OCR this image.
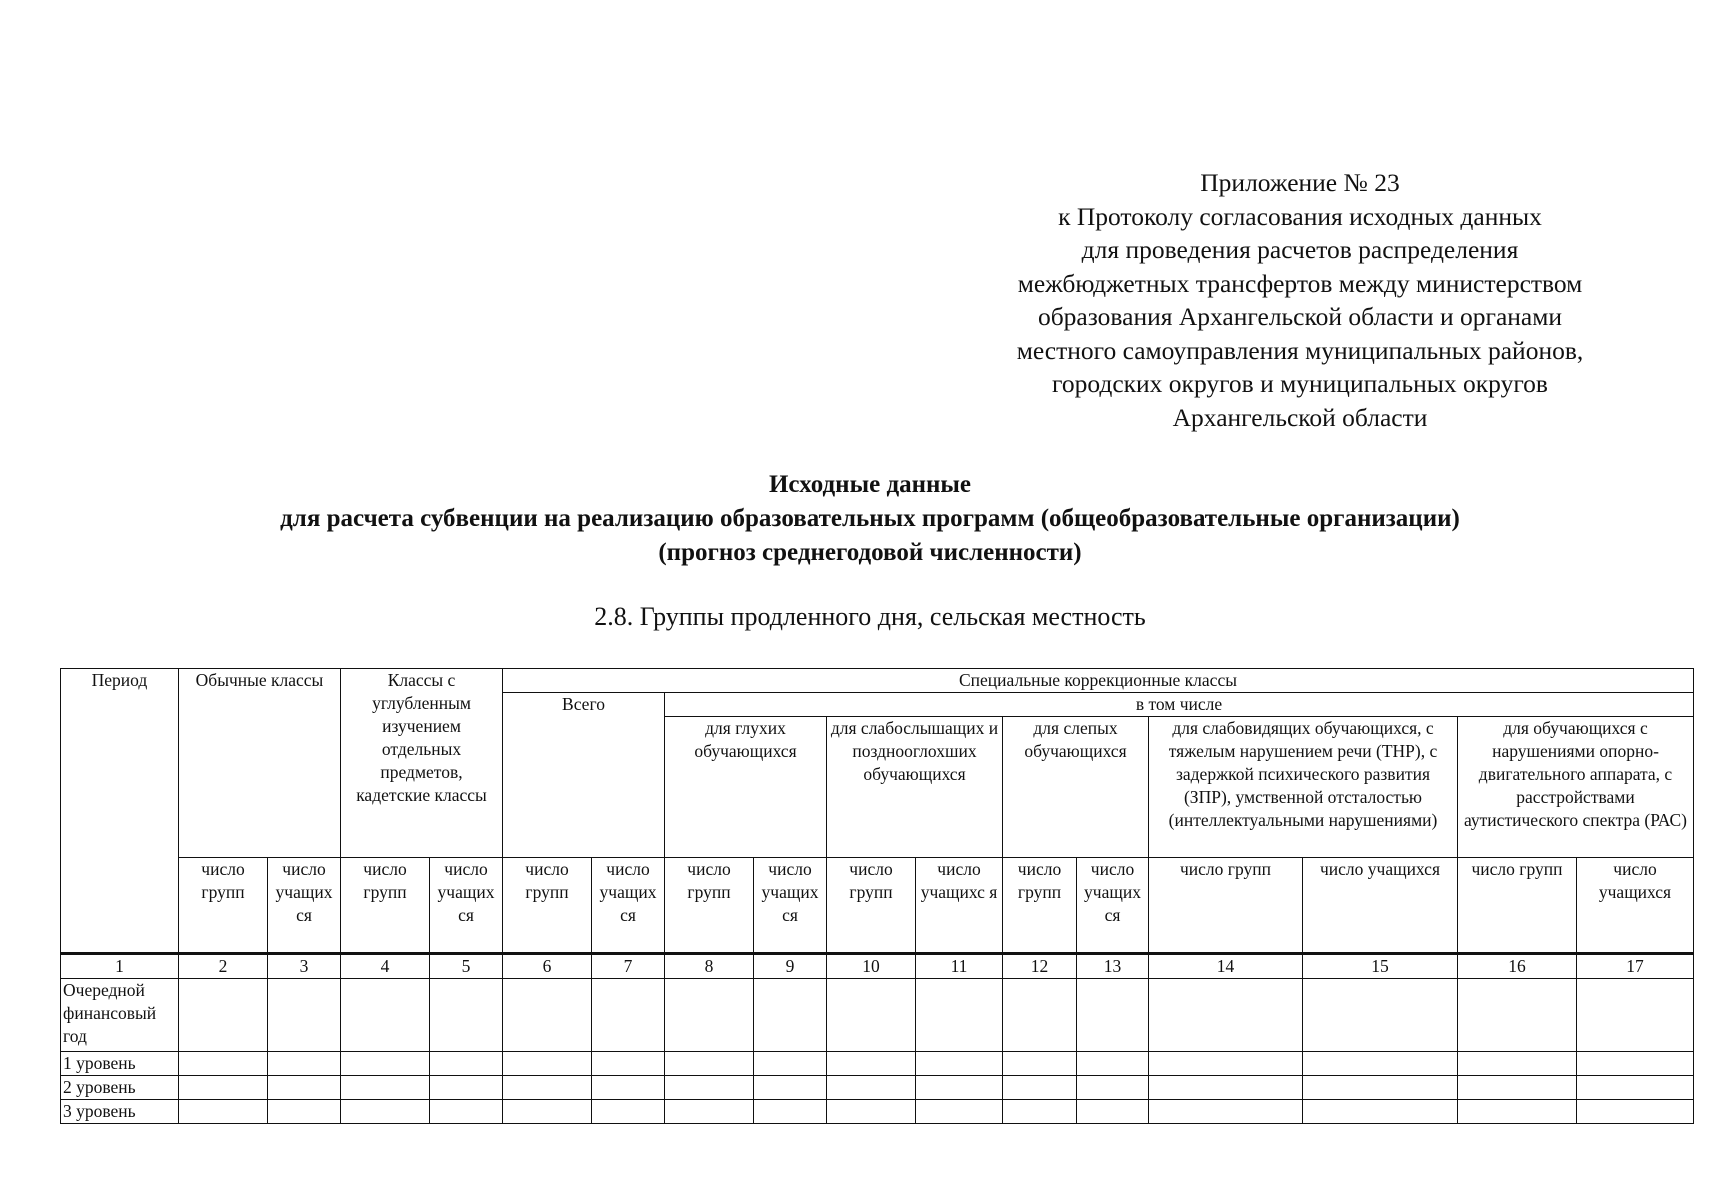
Приложение № 23
к Протоколу согласования исходных данных
для проведения расчетов распределения
межбюджетных трансфертов между министерством
образования Архангельской области и органами
местного самоуправления муниципальных районов,
городских округов и муниципальных округов
Архангельской области
Исходные данные
для расчета субвенции на реализацию образовательных программ (общеобразовательные организации)
(прогноз среднегодовой численности)
2.8. Группы продленного дня, сельская местность
Период	Обычные классы		Классы с углубленным изучением отдельных предметов, кадетские классы		Специальные коррекционные классы											
					Всего		в том числе									
							для глухих обучающихся		для слабослышащих и позднооглохших обучающихся		для слепых обучающихся		для слабовидящих обучающихся, с тяжелым нарушением речи (ТНР), с задержкой психического развития (ЗПР), умственной отсталостью (интеллектуальными нарушениями)		для обучающихся с нарушениями опорно-двигательного аппарата, с расстройствами аутистического спектра (РАС)	
	число групп	число учащих ся	число групп	число учащих ся	число групп	число учащих ся	число групп	число учащих ся	число групп	число учащихс я	число групп	число учащих ся	число групп	число учащихся	число групп	число учащихся
1	2	3	4	5	6	7	8	9	10	11	12	13	14	15	16	17
Очередной финансовый год																
1 уровень																
2 уровень																
3 уровень																
